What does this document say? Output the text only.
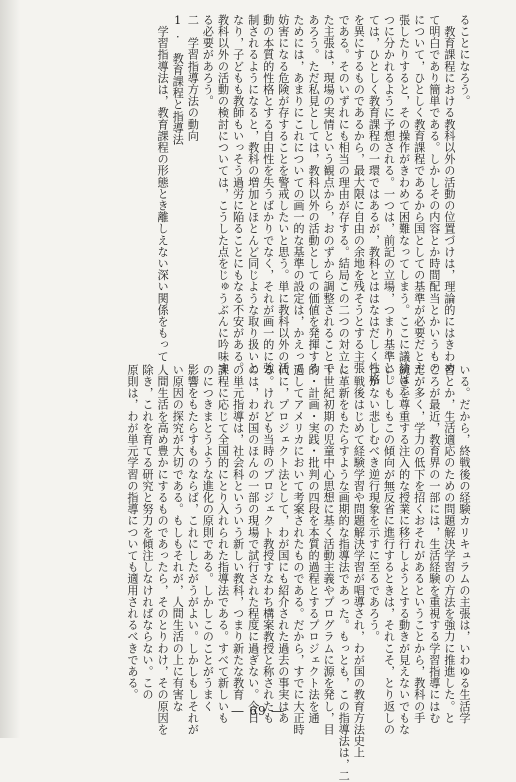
ることになろう。
　教育課程における教科以外の活動の位置づけは，理論的にはきわめ
て明白であり簡単である。しかしその内容とか時間配当とかいうもの
について，ひとしく教育課程であるから国としての基準が必要だと主
張したりすると，その操作がきわめて困難なってしまう。ここに議論は二
つに分かれるように予想される。一つは，前記の立場，つまり基準とし
ては，ひとしく教育課程の一環ではあるが，教科とははなはだしく性格
を異にするものであるから，最大限に自由の余地を残そうとする主張
である。そのいずれにも相当の理由が存する。結局この二つの対立し
た主張は，現場の実情という観点から，おのずから調整されることで
あろう。ただ私見としては，教科以外の活動としての価値を発揮する
ためには，あまりにこれについての画一的な基準の設定は，かえって
妨害になる危険が存することを警戒したいと思う。単に教科以外の活
動の本質的性格とする自由性を失うばかりでなく，それが画一的に強
制されるようになると，教科の増加とほとんど同じような取り扱いと
なり，子どもも教師もいっそう過労に陥ることにもなる不安がある。
教科以外の活動の検討については，こうした点をじゅうぶんに吟味す
る必要があろう。
二　学習指導方法の動向
1.　教育課程と指導法
　学習指導法は，教育課程の形態とき離しえない深い関係をもって
いる。だから，終戦後の経験カリキュラムの主張は，いわゆる生活学
習とか，生活適応のための問題解決学習の方法を強力に推進した。と
ころが最近，教育界の一部には，生活経験を重視する学習指導にはむ
だが多く，学力の低下を招くおそれがあるということから，教科の手
続きを尊重する注入的な授業に移行しようとする動きが見えないでもな
い。もしもこの傾向が無反省に進行するときは，それこそ，とり返しの
つかない悲しむべき逆行現象を示すに至るであろう。
　戦後はじめて経験学習や問題解決学習が唱導され，わが国の教育方法史上
に革新をもたらすような画期的な指導法であった。もっとも，この指導法は，二
十世紀初期の児童中心思想に基く活動主義やプログラムに源を発し，目
的・計画・実践・批判の四段を本質的過程とするプロジェクト法を通
過してアメリカにおいて考案されたものである。だから，すでに大正時
代に，プロジェクト法として，わが国にも紹介された過去の事実はあ
る。けれども当時のプロジェクト教授すなわち構案教授と称されたも
のは，わが国のほんの一部の現場で試行された程度に過ぎない。今日
の単元指導は，社会科といういう新しい教科，つまり新たな教育
課程に応じて全国的にとり入れられた指導法である。すべて新しいも
のにつきまとうような進化の原則である。しかしこのことがうまく
影響をもたらすものならば，これにしたがうがよい。しかしもしそれが
い原因の探究が大切である。もしもそれが，人間生活の上に有害な
人間生活を高め豊かにするものであったら，そのとりわけ，その原因を
除き，これを育てる研究と努力を傾注しなければならない。この
原則は，わが単元学習の指導についても適用されるべきである。
― 69 ―
